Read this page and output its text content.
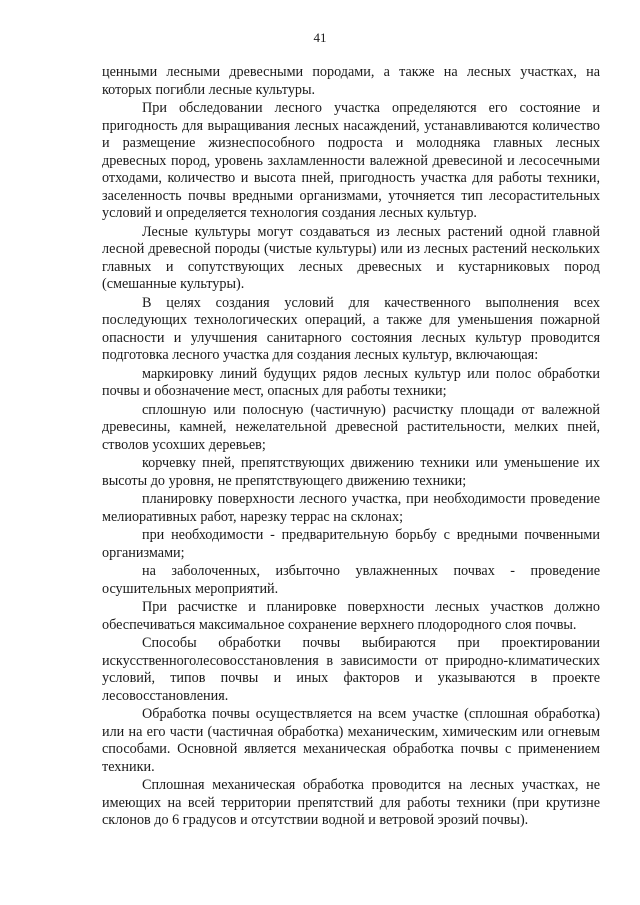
41

ценными лесными древесными породами, а также на лесных участках, на которых погибли лесные культуры.

При обследовании лесного участка определяются его состояние и пригодность для выращивания лесных насаждений, устанавливаются количество и размещение жизнеспособного подроста и молодняка главных лесных древесных пород, уровень захламленности валежной древесиной и лесосечными отходами, количество и высота пней, пригодность участка для работы техники, заселенность почвы вредными организмами, уточняется тип лесорастительных условий и определяется технология создания лесных культур.

Лесные культуры могут создаваться из лесных растений одной главной лесной древесной породы (чистые культуры) или из лесных растений нескольких главных и сопутствующих лесных древесных и кустарниковых пород (смешанные культуры).

В целях создания условий для качественного выполнения всех последующих технологических операций, а также для уменьшения пожарной опасности и улучшения санитарного состояния лесных культур проводится подготовка лесного участка для создания лесных культур, включающая:

маркировку линий будущих рядов лесных культур или полос обработки почвы и обозначение мест, опасных для работы техники;

сплошную или полосную (частичную) расчистку площади от валежной древесины, камней, нежелательной древесной растительности, мелких пней, стволов усохших деревьев;

корчевку пней, препятствующих движению техники или уменьшение их высоты до уровня, не препятствующего движению техники;

планировку поверхности лесного участка, при необходимости проведение мелиоративных работ, нарезку террас на склонах;

при необходимости - предварительную борьбу с вредными почвенными организмами;

на заболоченных, избыточно увлажненных почвах - проведение осушительных мероприятий.

При расчистке и планировке поверхности лесных участков должно обеспечиваться максимальное сохранение верхнего плодородного слоя почвы.

Способы обработки почвы выбираются при проектировании искусственноголесовосстановления в зависимости от природно-климатических условий, типов почвы и иных факторов и указываются в проекте лесовосстановления.

Обработка почвы осуществляется на всем участке (сплошная обработка) или на его части (частичная обработка) механическим, химическим или огневым способами. Основной является механическая обработка почвы с применением техники.

Сплошная механическая обработка проводится на лесных участках, не имеющих на всей территории препятствий для работы техники (при крутизне склонов до 6 градусов и отсутствии водной и ветровой эрозий почвы).
